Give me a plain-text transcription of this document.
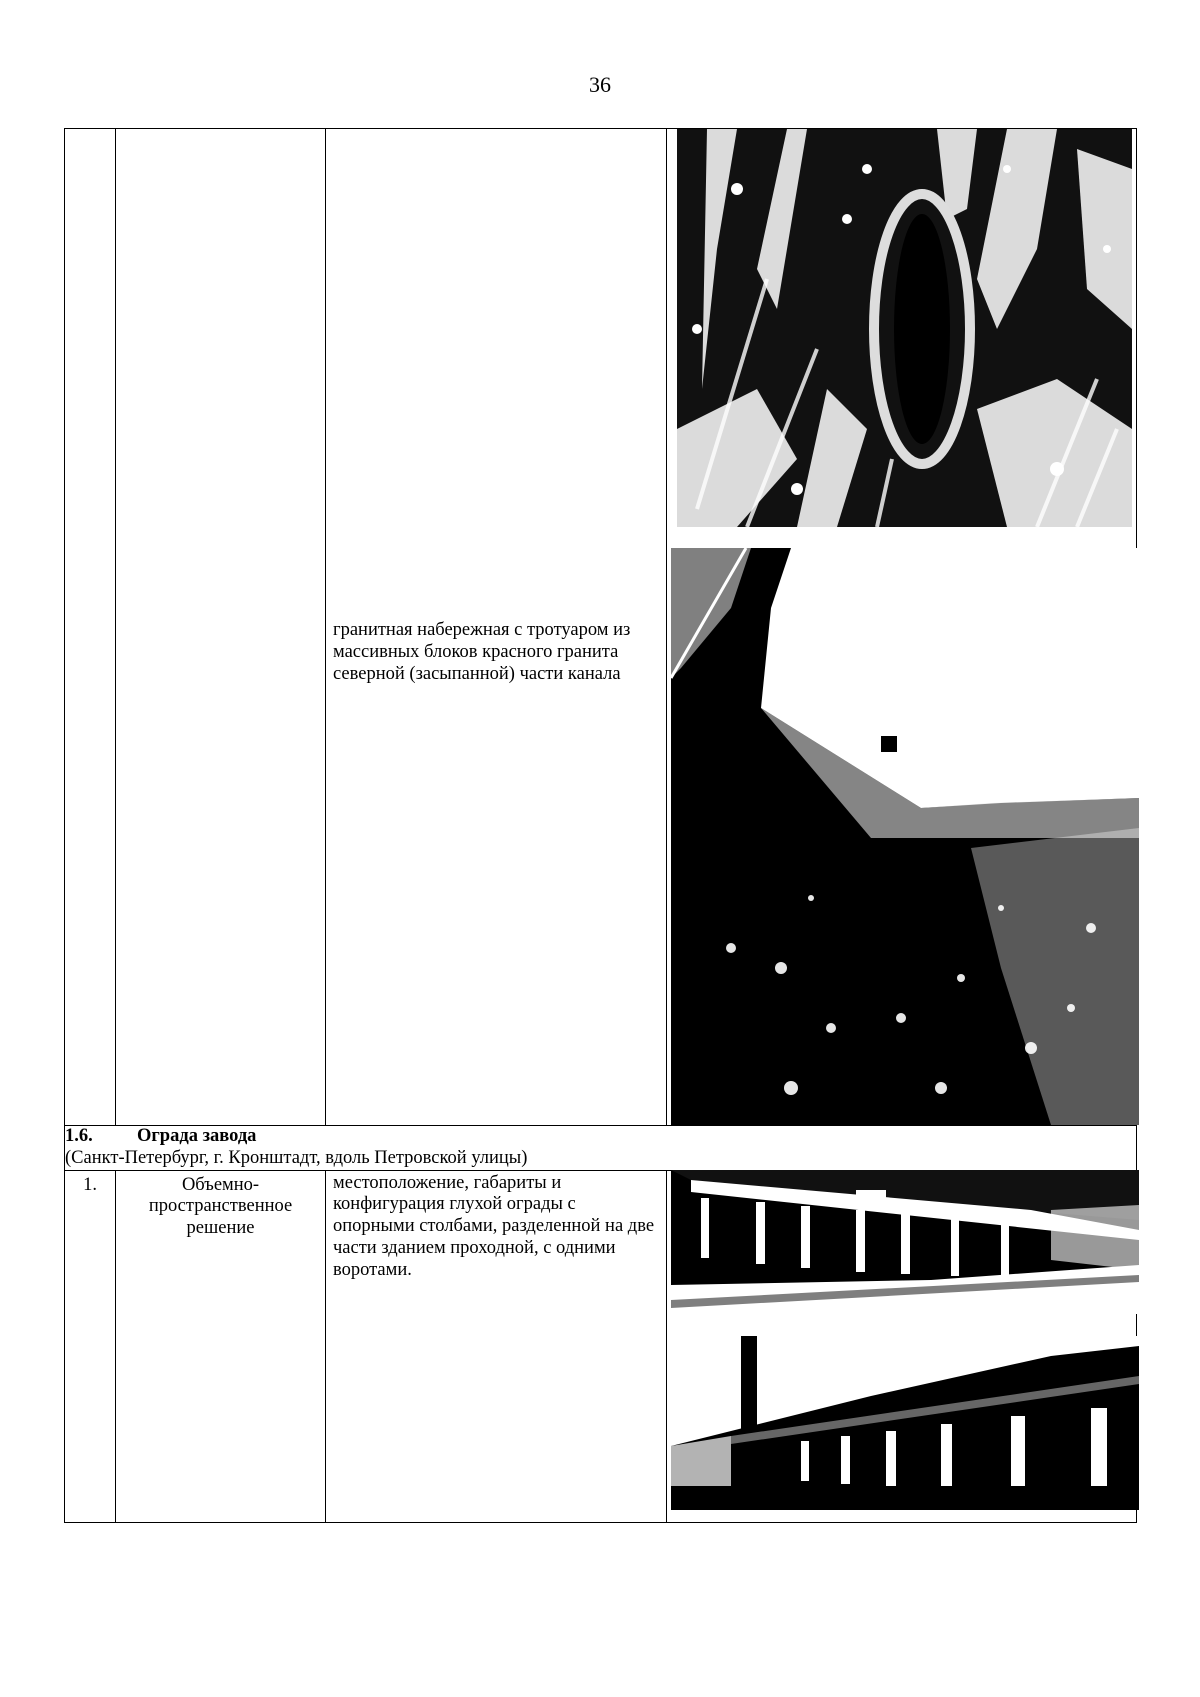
36

		гранитная набережная с тротуаром из массивных блоков красного гранита северной (засыпанной) части канала

1.6. Ограда завода
(Санкт-Петербург, г. Кронштадт, вдоль Петровской улицы)			

1.	Объемно-пространственное решение	местоположение, габариты и конфигурация глухой ограды с опорными столбами, разделенной на две части зданием проходной, с одними воротами.	
